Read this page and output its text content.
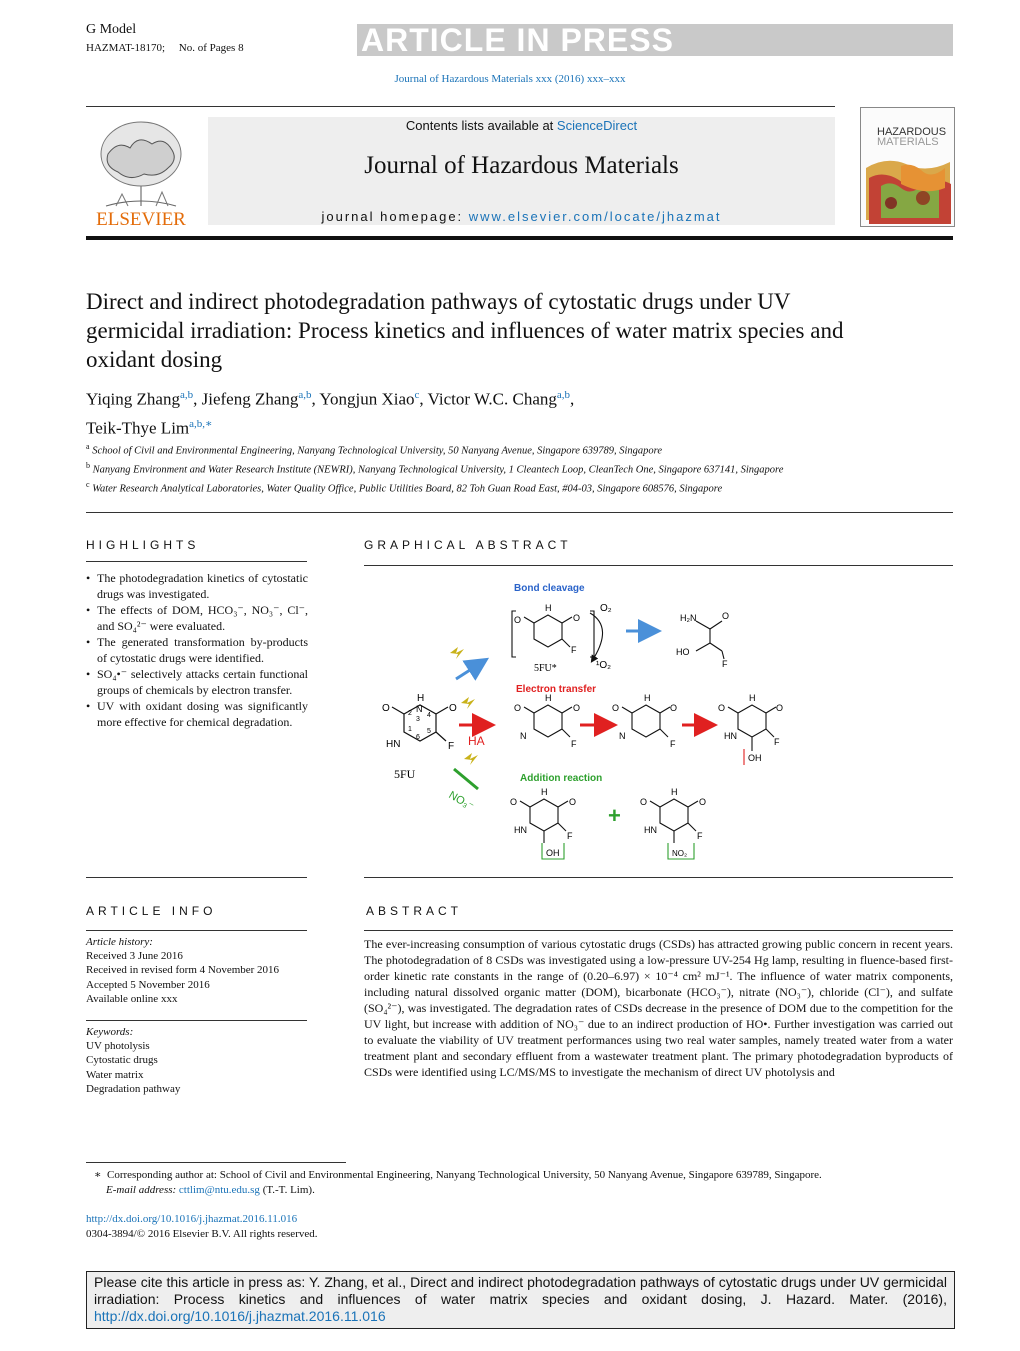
G Model
HAZMAT-18170; No. of Pages 8	ARTICLE IN PRESS
Journal of Hazardous Materials xxx (2016) xxx–xxx
ELSEVIER
Contents lists available at ScienceDirect
Journal of Hazardous Materials
journal homepage: www.elsevier.com/locate/jhazmat
HAZARDOUS
MATERIALS
Direct and indirect photodegradation pathways of cytostatic drugs under UV germicidal irradiation: Process kinetics and influences of water matrix species and oxidant dosing
Yiqing Zhang$^{a,b}$, Jiefeng Zhang$^{a,b}$, Yongjun Xiao$^c$, Victor W.C. Chang$^{a,b}$,
Teik-Thye Lim$^{a,b,∗}$
$^a$ School of Civil and Environmental Engineering, Nanyang Technological University, 50 Nanyang Avenue, Singapore 639789, Singapore
$^b$ Nanyang Environment and Water Research Institute (NEWRI), Nanyang Technological University, 1 Cleantech Loop, CleanTech One, Singapore 637141, Singapore
$^c$ Water Research Analytical Laboratories, Water Quality Office, Public Utilities Board, 82 Toh Guan Road East, #04-03, Singapore 608576, Singapore
HIGHLIGHTS
• The photodegradation kinetics of cytostatic drugs was investigated.
• The effects of DOM, HCO₃⁻, NO₃⁻, Cl⁻, and SO₄²⁻ were evaluated.
• The generated transformation by-products of cytostatic drugs were identified.
• SO₄•⁻ selectively attacks certain functional groups of chemicals by electron transfer.
• UV with oxidant dosing was significantly more effective for chemical degradation.
GRAPHICAL ABSTRACT
Bond cleavage
Electron transfer
Addition reaction
O	O
H
N
HN	F
2
3
4
5
6
1
5FU
HA
NO₃⁻
O	O
F
H
5FU*
O₂
¹O₂
H₂N	O
HO
F
O	O
H
N
F
O	O
H
N
F
O	O
H
HN
F
OH
O	O
H
HN
F
OH
+
O	O
H
HN
F
NO₂
ARTICLE INFO
Article history:
Received 3 June 2016
Received in revised form 4 November 2016
Accepted 5 November 2016
Available online xxx
Keywords:
UV photolysis
Cytostatic drugs
Water matrix
Degradation pathway
ABSTRACT
The ever-increasing consumption of various cytostatic drugs (CSDs) has attracted growing public concern in recent years. The photodegradation of 8 CSDs was investigated using a low-pressure UV-254 Hg lamp, resulting in fluence-based first-order kinetic rate constants in the range of (0.20–6.97) × 10⁻⁴ cm² mJ⁻¹. The influence of water matrix components, including natural dissolved organic matter (DOM), bicarbonate (HCO₃⁻), nitrate (NO₃⁻), chloride (Cl⁻), and sulfate (SO₄²⁻), was investigated. The degradation rates of CSDs decrease in the presence of DOM due to the competition for the UV light, but increase with addition of NO₃⁻ due to an indirect production of HO•. Further investigation was carried out to evaluate the viability of UV treatment performances using two real water samples, namely treated water from a water treatment plant and secondary effluent from a wastewater treatment plant. The primary photodegradation byproducts of CSDs were identified using LC/MS/MS to investigate the mechanism of direct UV photolysis and
∗ Corresponding author at: School of Civil and Environmental Engineering, Nanyang Technological University, 50 Nanyang Avenue, Singapore 639789, Singapore.
E-mail address: cttlim@ntu.edu.sg (T.-T. Lim).
http://dx.doi.org/10.1016/j.jhazmat.2016.11.016
0304-3894/© 2016 Elsevier B.V. All rights reserved.
Please cite this article in press as: Y. Zhang, et al., Direct and indirect photodegradation pathways of cytostatic drugs under UV germicidal irradiation: Process kinetics and influences of water matrix species and oxidant dosing, J. Hazard. Mater. (2016), http://dx.doi.org/10.1016/j.jhazmat.2016.11.016
